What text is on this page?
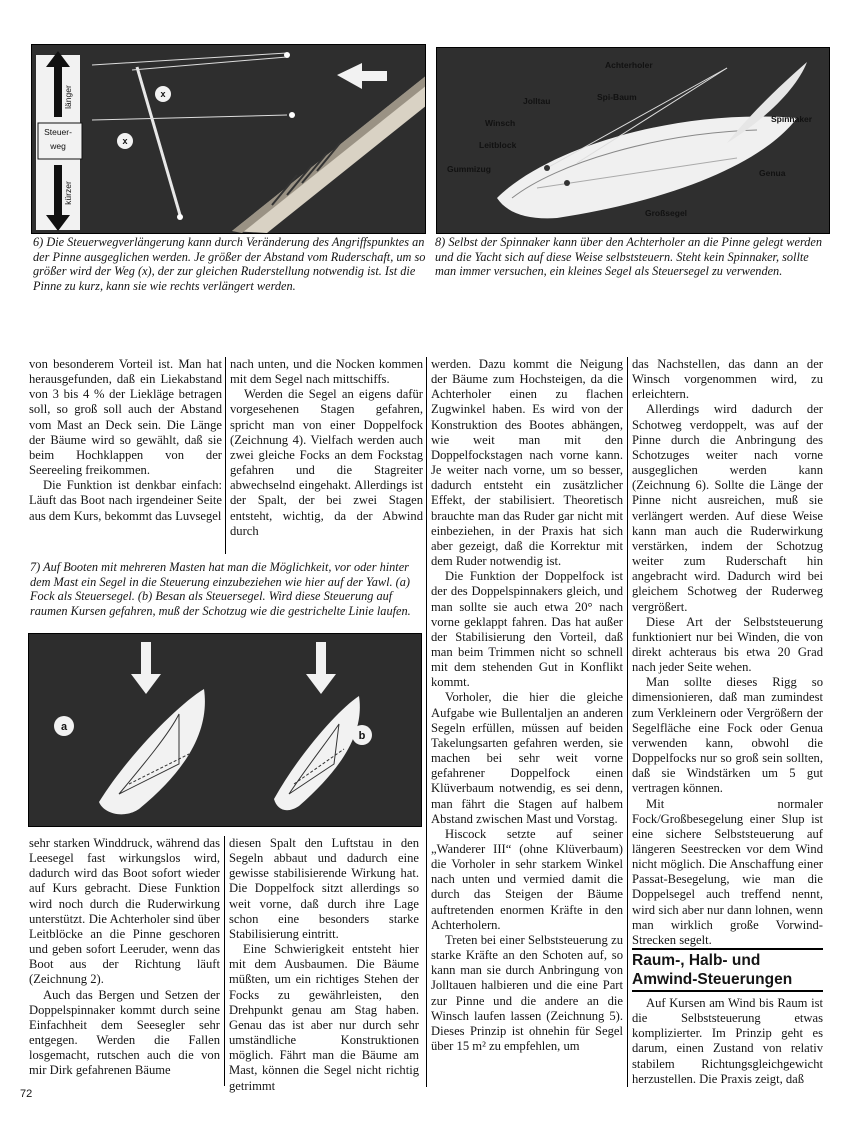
Steuer-
weg
länger
kürzer
x
x
6) Die Steuerwegverlängerung kann durch Veränderung des Angriffspunktes an der Pinne ausgeglichen werden. Je größer der Abstand vom Ruderschaft, um so größer wird der Weg (x), der zur gleichen Ruderstellung notwendig ist. Ist die Pinne zu kurz, kann sie wie rechts verlängert werden.
Achterholer
Jolltau	Spi-Baum
Winsch	Spinnaker
Leitblock
Gummizug	Genua
Großsegel
8) Selbst der Spinnaker kann über den Achterholer an die Pinne gelegt werden und die Yacht sich auf diese Weise selbststeuern. Steht kein Spinnaker, sollte man immer versuchen, ein kleines Segel als Steuersegel zu verwenden.

von besonderem Vorteil ist. Man hat herausgefunden, daß ein Liekabstand von 3 bis 4 % der Liekläge betragen soll, so groß soll auch der Abstand vom Mast an Deck sein. Die Länge der Bäume wird so gewählt, daß sie beim Hochklappen von der Seereeling freikommen.

Die Funktion ist denkbar einfach: Läuft das Boot nach irgendeiner Seite aus dem Kurs, bekommt das Luvsegel

nach unten, und die Nocken kommen mit dem Segel nach mittschiffs.

Werden die Segel an eigens dafür vorgesehenen Stagen gefahren, spricht man von einer Doppelfock (Zeichnung 4). Vielfach werden auch zwei gleiche Focks an dem Fockstag gefahren und die Stagreiter abwechselnd eingehakt. Allerdings ist der Spalt, der bei zwei Stagen entsteht, wichtig, da der Abwind durch

7) Auf Booten mit mehreren Masten hat man die Möglichkeit, vor oder hinter dem Mast ein Segel in die Steuerung einzubeziehen wie hier auf der Yawl. (a) Fock als Steuersegel. (b) Besan als Steuersegel. Wird diese Steuerung auf raumen Kursen gefahren, muß der Schotzug wie die gestrichelte Linie laufen.
a
b

sehr starken Winddruck, während das Leesegel fast wirkungslos wird, dadurch wird das Boot sofort wieder auf Kurs gebracht. Diese Funktion wird noch durch die Ruderwirkung unterstützt. Die Achterholer sind über Leitblöcke an die Pinne geschoren und geben sofort Leeruder, wenn das Boot aus der Richtung läuft (Zeichnung 2).

Auch das Bergen und Setzen der Doppelspinnaker kommt durch seine Einfachheit dem Seesegler sehr entgegen. Werden die Fallen losgemacht, rutschen auch die von mir Dirk gefahrenen Bäume

diesen Spalt den Luftstau in den Segeln abbaut und dadurch eine gewisse stabilisierende Wirkung hat. Die Doppelfock sitzt allerdings so weit vorne, daß durch ihre Lage schon eine besonders starke Stabilisierung eintritt.

Eine Schwierigkeit entsteht hier mit dem Ausbaumen. Die Bäume müßten, um ein richtiges Stehen der Focks zu gewährleisten, den Drehpunkt genau am Stag haben. Genau das ist aber nur durch sehr umständliche Konstruktionen möglich. Fährt man die Bäume am Mast, können die Segel nicht richtig getrimmt

werden. Dazu kommt die Neigung der Bäume zum Hochsteigen, da die Achterholer einen zu flachen Zugwinkel haben. Es wird von der Konstruktion des Bootes abhängen, wie weit man mit den Doppelfockstagen nach vorne kann. Je weiter nach vorne, um so besser, dadurch entsteht ein zusätzlicher Effekt, der stabilisiert. Theoretisch brauchte man das Ruder gar nicht mit einbeziehen, in der Praxis hat sich aber gezeigt, daß die Korrektur mit dem Ruder notwendig ist.

Die Funktion der Doppelfock ist der des Doppelspinnakers gleich, und man sollte sie auch etwa 20° nach vorne geklappt fahren. Das hat außer der Stabilisierung den Vorteil, daß man beim Trimmen nicht so schnell mit dem stehenden Gut in Konflikt kommt.

Vorholer, die hier die gleiche Aufgabe wie Bullentaljen an anderen Segeln erfüllen, müssen auf beiden Takelungsarten gefahren werden, sie machen bei sehr weit vorne gefahrener Doppelfock einen Klüverbaum notwendig, es sei denn, man fährt die Stagen auf halbem Abstand zwischen Mast und Vorstag.

Hiscock setzte auf seiner „Wanderer III“ (ohne Klüverbaum) die Vorholer in sehr starkem Winkel nach unten und vermied damit die durch das Steigen der Bäume auftretenden enormen Kräfte in den Achterholern.

Treten bei einer Selbststeuerung zu starke Kräfte an den Schoten auf, so kann man sie durch Anbringung von Jolltauen halbieren und die eine Part zur Pinne und die andere an die Winsch laufen lassen (Zeichnung 5). Dieses Prinzip ist ohnehin für Segel über 15 m² zu empfehlen, um

das Nachstellen, das dann an der Winsch vorgenommen wird, zu erleichtern.

Allerdings wird dadurch der Schotweg verdoppelt, was auf der Pinne durch die Anbringung des Schotzuges weiter nach vorne ausgeglichen werden kann (Zeichnung 6). Sollte die Länge der Pinne nicht ausreichen, muß sie verlängert werden. Auf diese Weise kann man auch die Ruderwirkung verstärken, indem der Schotzug weiter zum Ruderschaft hin angebracht wird. Dadurch wird bei gleichem Schotweg der Ruderweg vergrößert.

Diese Art der Selbststeuerung funktioniert nur bei Winden, die von direkt achteraus bis etwa 20 Grad nach jeder Seite wehen.

Man sollte dieses Rigg so dimensionieren, daß man zumindest zum Verkleinern oder Vergrößern der Segelfläche eine Fock oder Genua verwenden kann, obwohl die Doppelfocks nur so groß sein sollten, daß sie Windstärken um 5 gut vertragen können.

Mit normaler Fock/Großbesegelung einer Slup ist eine sichere Selbststeuerung auf längeren Seestrecken vor dem Wind nicht möglich. Die Anschaffung einer Passat-Besegelung, wie man die Doppelsegel auch treffend nennt, wird sich aber nur dann lohnen, wenn man wirklich große Vorwind-Strecken segelt.

Raum-, Halb- und Amwind-Steuerungen

Auf Kursen am Wind bis Raum ist die Selbststeuerung etwas komplizierter. Im Prinzip geht es darum, einen Zustand von relativ stabilem Richtungsgleichgewicht herzustellen. Die Praxis zeigt, daß

72
